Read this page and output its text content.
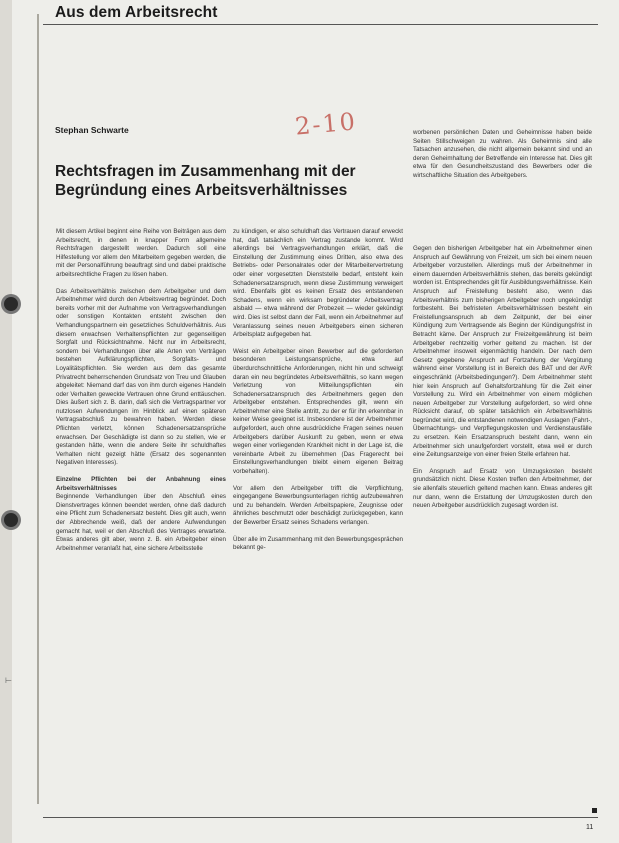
⊢
Aus dem Arbeitsrecht
2-10
Stephan Schwarte
Rechtsfragen im Zusammenhang mit der Begründung eines Arbeitsverhältnisses

worbenen persönlichen Daten und Geheimnisse haben beide Seiten Stillschweigen zu wahren. Als Geheimnis sind alle Tatsachen anzusehen, die nicht allgemein bekannt sind und an deren Geheimhaltung der Betreffende ein Interesse hat. Dies gilt etwa für den Gesundheitszustand des Bewerbers oder die wirtschaftliche Situation des Arbeitgebers.

Mit diesem Artikel beginnt eine Reihe von Beiträgen aus dem Arbeitsrecht, in denen in knapper Form allgemeine Rechtsfragen dargestellt werden. Dadurch soll eine Hilfestellung vor allem den Mitarbeitern gegeben werden, die mit der Personalführung beauftragt sind und dabei praktische arbeitsrechtliche Fragen zu lösen haben.

Das Arbeitsverhältnis zwischen dem Arbeitgeber und dem Arbeitnehmer wird durch den Arbeitsvertrag begründet. Doch bereits vorher mit der Aufnahme von Vertragsverhandlungen oder sonstigen Kontakten entsteht zwischen den Verhandlungspartnern ein gesetzliches Schuldverhältnis. Aus diesem erwachsen Verhaltenspflichten zur gegenseitigen Sorgfalt und Rücksichtnahme. Nicht nur im Arbeitsrecht, sondern bei Verhandlungen über alle Arten von Verträgen bestehen Aufklärungspflichten, Sorgfalts- und Loyalitätspflichten. Sie werden aus dem das gesamte Privatrecht beherrschenden Grundsatz von Treu und Glauben abgeleitet: Niemand darf das von ihm durch eigenes Handeln oder Verhalten geweckte Vertrauen ohne Grund enttäuschen. Dies äußert sich z. B. darin, daß sich die Vertragspartner vor nutzlosen Aufwendungen im Hinblick auf einen späteren Vertragsabschluß zu bewahren haben. Werden diese Pflichten verletzt, können Schadenersatzansprüche erwachsen. Der Geschädigte ist dann so zu stellen, wie er gestanden hätte, wenn die andere Seite ihr schuldhaftes Verhalten nicht gezeigt hätte (Ersatz des sogenannten Negativen Interesses).

Einzelne Pflichten bei der Anbahnung eines Arbeitsverhältnisses

Beginnende Verhandlungen über den Abschluß eines Dienstvertrages können beendet werden, ohne daß dadurch eine Pflicht zum Schadenersatz besteht. Dies gilt auch, wenn der Abbrechende weiß, daß der andere Aufwendungen gemacht hat, weil er den Abschluß des Vertrages erwartete. Etwas anderes gilt aber, wenn z. B. ein Arbeitgeber einen Arbeitnehmer veranlaßt hat, eine sichere Arbeitsstelle

zu kündigen, er also schuldhaft das Vertrauen darauf erweckt hat, daß tatsächlich ein Vertrag zustande kommt. Wird allerdings bei Vertragsverhandlungen erklärt, daß die Einstellung der Zustimmung eines Dritten, also etwa des Betriebs- oder Personalrates oder der Mitarbeitervertretung oder einer vorgesetzten Dienststelle bedarf, entsteht kein Schadenersatzanspruch, wenn diese Zustimmung verweigert wird. Ebenfalls gibt es keinen Ersatz des entstandenen Schadens, wenn ein wirksam begründeter Arbeitsvertrag alsbald — etwa während der Probezeit — wieder gekündigt wird. Dies ist selbst dann der Fall, wenn ein Arbeitnehmer auf Veranlassung seines neuen Arbeitgebers einen sicheren Arbeitsplatz aufgegeben hat.

Weist ein Arbeitgeber einen Bewerber auf die geforderten besonderen Leistungsansprüche, etwa auf überdurchschnittliche Anforderungen, nicht hin und schweigt daran ein neu begründetes Arbeitsverhältnis, so kann wegen Verletzung von Mitteilungspflichten ein Schadenersatzanspruch des Arbeitnehmers gegen den Arbeitgeber entstehen. Entsprechendes gilt, wenn ein Arbeitnehmer eine Stelle antritt, zu der er für ihn erkennbar in keiner Weise geeignet ist. Insbesondere ist der Arbeitnehmer aufgefordert, auch ohne ausdrückliche Fragen seines neuen Arbeitgebers darüber Auskunft zu geben, wenn er etwa wegen einer vorliegenden Krankheit nicht in der Lage ist, die vereinbarte Arbeit zu übernehmen (Das Fragerecht bei Einstellungsverhandlungen bleibt einem eigenen Beitrag vorbehalten).

Vor allem den Arbeitgeber trifft die Verpflichtung, eingegangene Bewerbungsunterlagen richtig aufzubewahren und zu behandeln. Werden Arbeitspapiere, Zeugnisse oder ähnliches beschmutzt oder beschädigt zurückgegeben, kann der Bewerber Ersatz seines Schadens verlangen.

Über alle im Zusammenhang mit den Bewerbungsgesprächen bekannt ge-

Gegen den bisherigen Arbeitgeber hat ein Arbeitnehmer einen Anspruch auf Gewährung von Freizeit, um sich bei einem neuen Arbeitgeber vorzustellen. Allerdings muß der Arbeitnehmer in einem dauernden Arbeitsverhältnis stehen, das bereits gekündigt worden ist. Entsprechendes gilt für Ausbildungsverhältnisse. Kein Anspruch auf Freistellung besteht also, wenn das Arbeitsverhältnis zum bisherigen Arbeitgeber noch ungekündigt fortbesteht. Bei befristeten Arbeitsverhältnissen besteht ein Freistellungsanspruch ab dem Zeitpunkt, der bei einer Kündigung zum Vertragsende als Beginn der Kündigungsfrist in Betracht käme. Der Anspruch zur Freizeitgewährung ist beim Arbeitgeber rechtzeitig vorher geltend zu machen. Ist der Arbeitnehmer insoweit eigenmächtig handeln. Der nach dem Gesetz gegebene Anspruch auf Fortzahlung der Vergütung während einer Vorstellung ist in Bereich des BAT und der AVR eingeschränkt (Arbeitsbedingungen?). Dem Arbeitnehmer steht hier kein Anspruch auf Gehaltsfortzahlung für die Zeit einer Vorstellung zu. Wird ein Arbeitnehmer von einem möglichen neuen Arbeitgeber zur Vorstellung aufgefordert, so wird ohne Rücksicht darauf, ob später tatsächlich ein Arbeitsverhältnis begründet wird, die entstandenen notwendigen Auslagen (Fahrt-, Übernachtungs- und Verpflegungskosten und Verdienstausfälle zu ersetzen. Kein Ersatzanspruch besteht dann, wenn ein Arbeitnehmer sich unaufgefordert vorstellt, etwa weil er durch eine Zeitungsanzeige von einer freien Stelle erfahren hat.

Ein Anspruch auf Ersatz von Umzugskosten besteht grundsätzlich nicht. Diese Kosten treffen den Arbeitnehmer, der sie allenfalls steuerlich geltend machen kann. Etwas anderes gilt nur dann, wenn die Erstattung der Umzugskosten durch den neuen Arbeitgeber ausdrücklich zugesagt worden ist.

11
